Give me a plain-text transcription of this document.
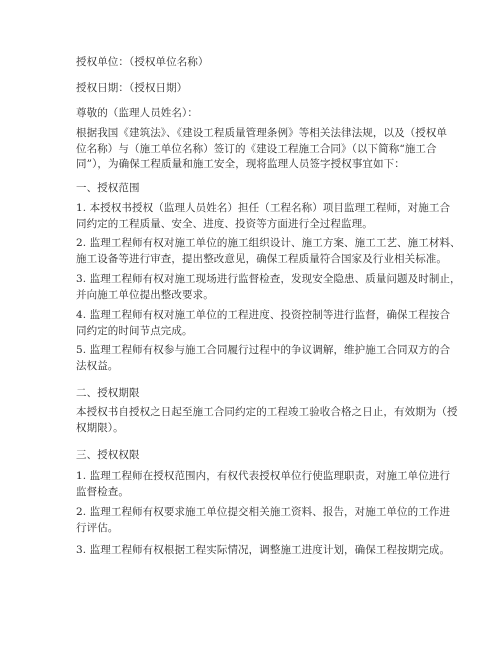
授权单位：（授权单位名称）
授权日期：（授权日期）
尊敬的（监理人员姓名）：
根据我国《建筑法》、《建设工程质量管理条例》等相关法律法规，以及（授权单
位名称）与（施工单位名称）签订的《建设工程施工合同》（以下简称“施工合
同”），为确保工程质量和施工安全，现将监理人员签字授权事宜如下：
一、授权范围
1. 本授权书授权（监理人员姓名）担任（工程名称）项目监理工程师，对施工合
同约定的工程质量、安全、进度、投资等方面进行全过程监理。
2. 监理工程师有权对施工单位的施工组织设计、施工方案、施工工艺、施工材料、
施工设备等进行审查，提出整改意见，确保工程质量符合国家及行业相关标准。
3. 监理工程师有权对施工现场进行监督检查，发现安全隐患、质量问题及时制止，
并向施工单位提出整改要求。
4. 监理工程师有权对施工单位的工程进度、投资控制等进行监督，确保工程按合
同约定的时间节点完成。
5. 监理工程师有权参与施工合同履行过程中的争议调解，维护施工合同双方的合
法权益。
二、授权期限
本授权书自授权之日起至施工合同约定的工程竣工验收合格之日止，有效期为（授
权期限）。
三、授权权限
1. 监理工程师在授权范围内，有权代表授权单位行使监理职责，对施工单位进行
监督检查。
2. 监理工程师有权要求施工单位提交相关施工资料、报告，对施工单位的工作进
行评估。
3. 监理工程师有权根据工程实际情况，调整施工进度计划，确保工程按期完成。
